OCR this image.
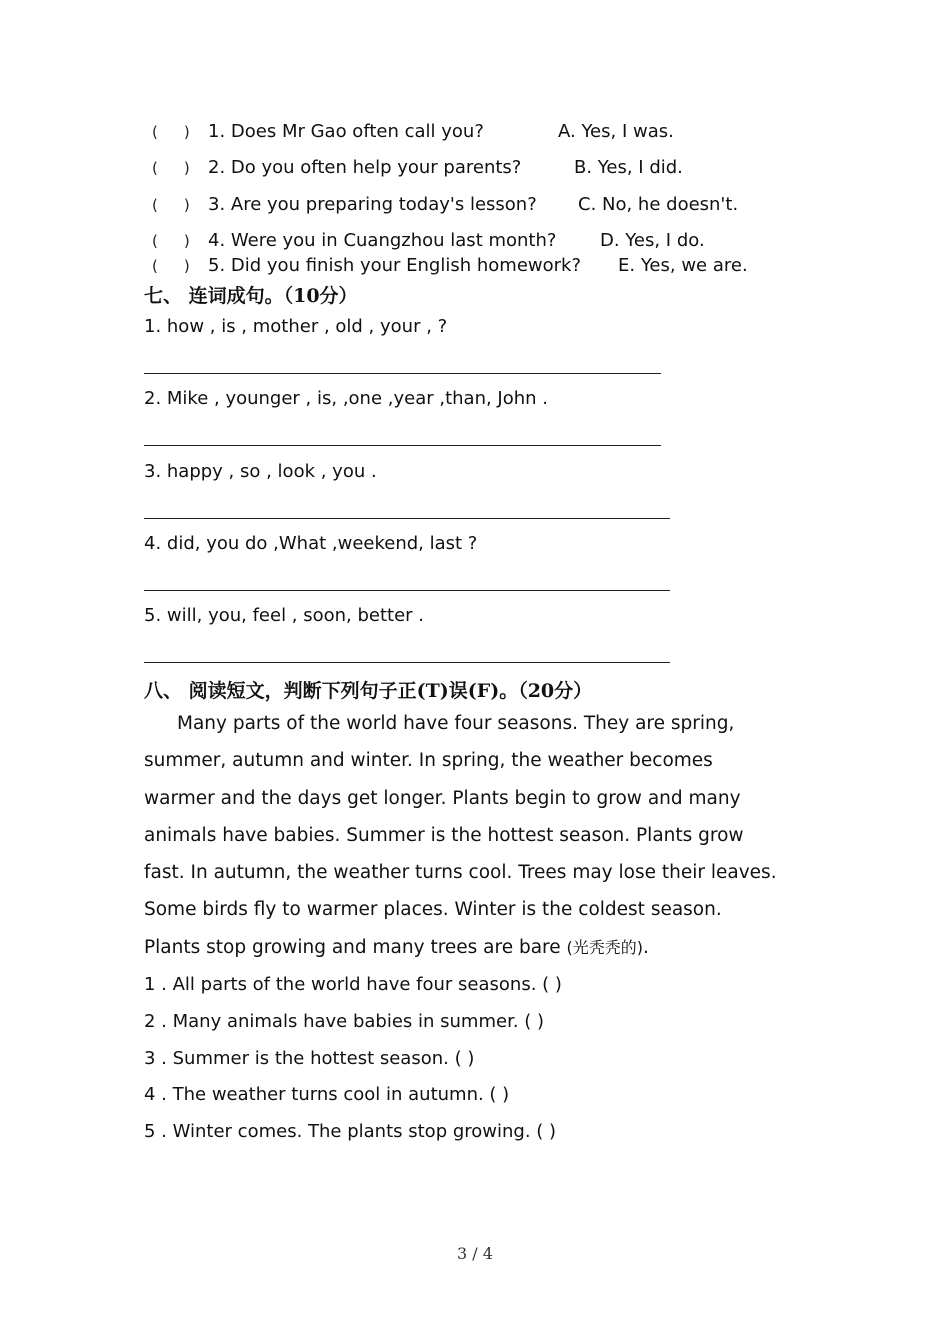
( ) 1. Does Mr Gao often call you?	A. Yes, I was.
( ) 2. Do you often help your parents?	B. Yes, I did.
( ) 3. Are you preparing today's lesson? C. No, he doesn't.
( ) 4. Were you in Cuangzhou last month? D. Yes, I do.
( ) 5. Did you finish your English homework? E. Yes, we are.
七、 连词成句。（10分）
1. how , is , mother , old , your , ?
2. Mike , younger , is, ,one ,year ,than, John .
3. happy , so , look , you .
4. did, you do ,What ,weekend, last ?
5. will, you, feel , soon, better .
八、 阅读短文，判断下列句子正(T)误(F)。（20分）
Many parts of the world have four seasons. They are spring,
summer, autumn and winter. In spring, the weather becomes
warmer and the days get longer. Plants begin to grow and many
animals have babies. Summer is the hottest season. Plants grow
fast. In autumn, the weather turns cool. Trees may lose their leaves.
Some birds fly to warmer places. Winter is the coldest season.
Plants stop growing and many trees are bare (光秃秃的).
1 . All parts of the world have four seasons. ( )
2 . Many animals have babies in summer. ( )
3 . Summer is the hottest season. ( )
4 . The weather turns cool in autumn. ( )
5 . Winter comes. The plants stop growing. ( )
3 / 4
